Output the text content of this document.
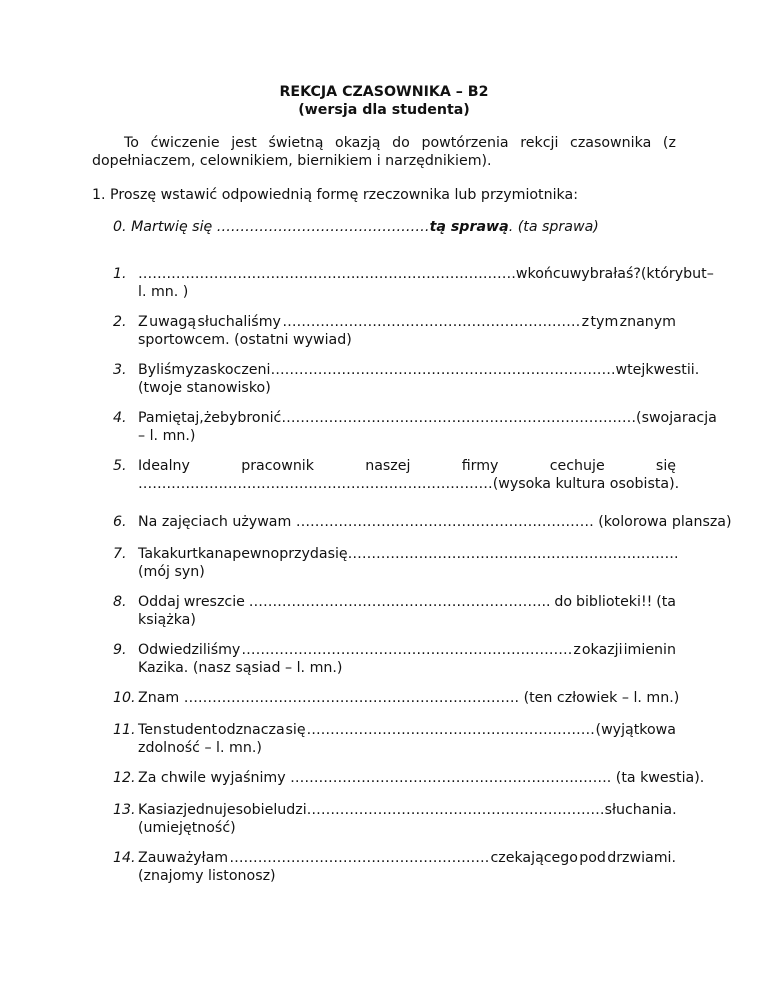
REKCJA CZASOWNIKA – B2
(wersja dla studenta)
To ćwiczenie jest świetną okazją do powtórzenia rekcji czasownika (z
dopełniaczem, celownikiem, biernikiem i narzędnikiem).
1. Proszę wstawić odpowiednią formę rzeczownika lub przymiotnika:
0. Martwię się ………………………………………tą sprawą. (ta sprawa)
1. ………………………………………..…………………………… w końcu wybrałaś? (który but –
l. mn. )
2. Z uwagą słuchaliśmy ……………………………………………………… z tym znanym
sportowcem. (ostatni wywiad)
3. Byliśmy zaskoczeni ………………………………………………………………. w tej kwestii.
(twoje stanowisko)
4. Pamiętaj, żeby bronić ………………………………………………………………… (swoja racja
– l. mn.)
5. Idealny	pracownik	naszej	firmy	cechuje	się
…………………………………………………………………(wysoka kultura osobista).
6. Na zajęciach używam ……………………………………………………… (kolorowa plansza)
7. Taka kurtka na pewno przyda się …………………………………………………………….
(mój syn)
8. Oddaj wreszcie …………………………..………………………….. do biblioteki!! (ta
książka)
9. Odwiedziliśmy ……………………………………………………………. z okazji imienin
Kazika. (nasz sąsiad – l. mn.)
10. Znam ……………………………………….……………………. (ten człowiek – l. mn.)
11. Ten student odznacza się ……………………………………………………. (wyjątkowa
zdolność – l. mn.)
12. Za chwile wyjaśnimy …………………………………………………….……. (ta kwestia).
13. Kasia zjednuje sobie ludzi ……………………………………………………… słuchania.
(umiejętność)
14. Zauważyłam ………………………………………………. czekającego pod drzwiami.
(znajomy listonosz)
